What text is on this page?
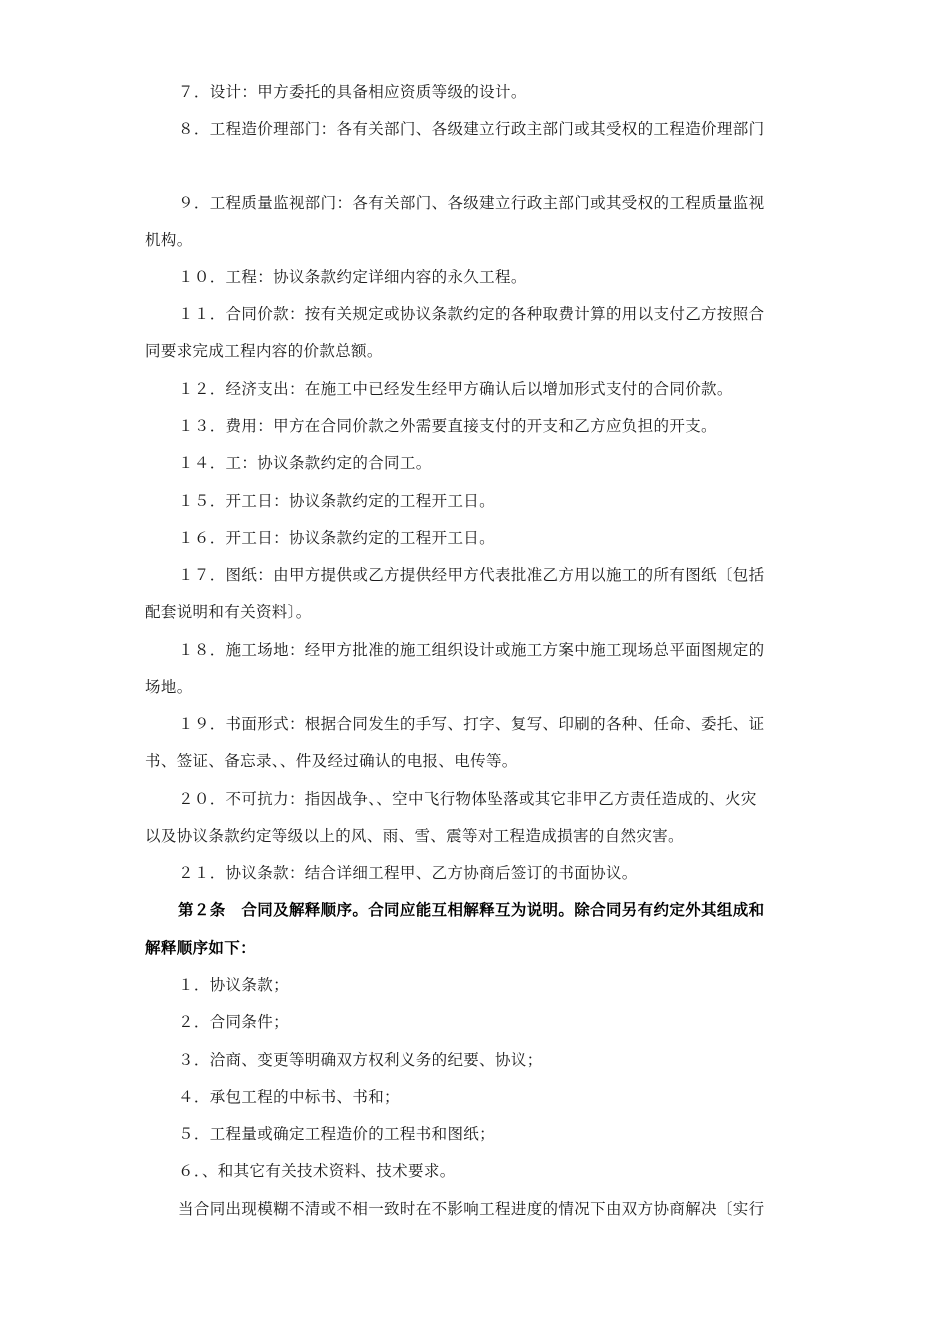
７．设计：甲方委托的具备相应资质等级的设计。
８．工程造价理部门：各有关部门、各级建立行政主部门或其受权的工程造价理部门
９．工程质量监视部门：各有关部门、各级建立行政主部门或其受权的工程质量监视
机构。
１０．工程：协议条款约定详细内容的永久工程。
１１．合同价款：按有关规定或协议条款约定的各种取费计算的用以支付乙方按照合
同要求完成工程内容的价款总额。
１２．经济支出：在施工中已经发生经甲方确认后以增加形式支付的合同价款。
１３．费用：甲方在合同价款之外需要直接支付的开支和乙方应负担的开支。
１４．工：协议条款约定的合同工。
１５．开工日：协议条款约定的工程开工日。
１６．开工日：协议条款约定的工程开工日。
１７．图纸：由甲方提供或乙方提供经甲方代表批准乙方用以施工的所有图纸〔包括
配套说明和有关资料〕。
１８．施工场地：经甲方批准的施工组织设计或施工方案中施工现场总平面图规定的
场地。
１９．书面形式：根据合同发生的手写、打字、复写、印刷的各种、任命、委托、证
书、签证、备忘录、、件及经过确认的电报、电传等。
２０．不可抗力：指因战争、、空中飞行物体坠落或其它非甲乙方责任造成的、火灾
以及协议条款约定等级以上的风、雨、雪、震等对工程造成损害的自然灾害。
２１．协议条款：结合详细工程甲、乙方协商后签订的书面协议。
第２条　合同及解释顺序。合同应能互相解释互为说明。除合同另有约定外其组成和
解释顺序如下：
１．协议条款；
２．合同条件；
３．洽商、变更等明确双方权利义务的纪要、协议；
４．承包工程的中标书、书和；
５．工程量或确定工程造价的工程书和图纸；
６．、和其它有关技术资料、技术要求。
当合同出现模糊不清或不相一致时在不影响工程进度的情况下由双方协商解决〔实行
